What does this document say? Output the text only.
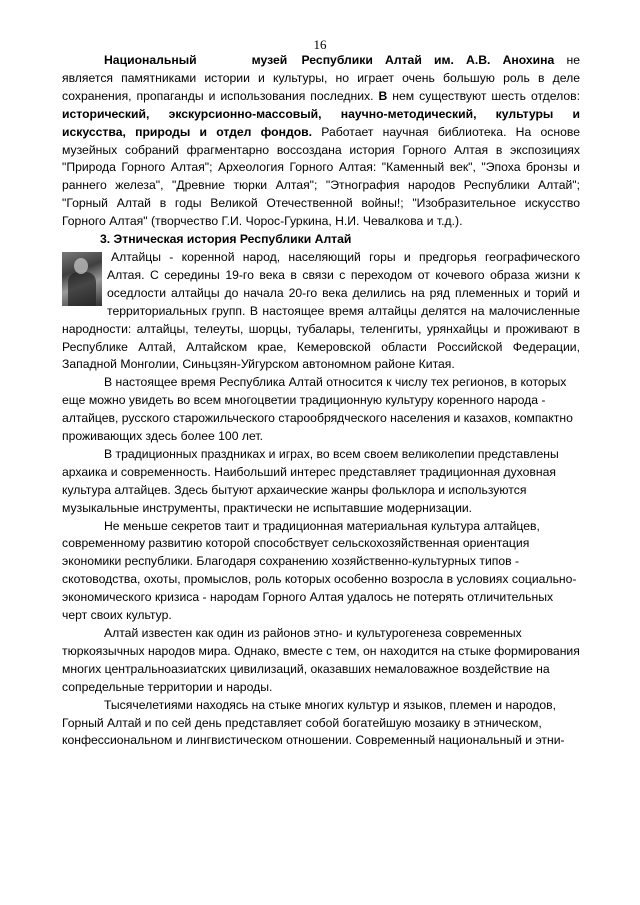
16

Национальный	музей Республики Алтай им. А.В. Анохина не является памятниками истории и культуры, но играет очень большую роль в деле сохранения, пропаганды и использования последних. В нем существуют шесть отделов: исторический, экскурсионно-массовый, научно-методический, культуры и искусства, природы и отдел фондов. Работает научная библиотека. На основе музейных собраний фрагментарно воссоздана история Горного Алтая в экспозициях "Природа Горного Алтая"; Археология Горного Алтая: "Каменный век", "Эпоха бронзы и раннего железа", "Древние тюрки Алтая"; "Этнография народов Республики Алтай"; "Горный Алтай в годы Великой Отечественной войны!; "Изобразительное искусство Горного Алтая" (творчество Г.И. Чорос-Гуркина, Н.И. Чевалкова и т.д.).

3. Этническая история Республики Алтай

Алтайцы - коренной народ, населяющий горы и предгорья географического Алтая. С середины 19-го века в связи с переходом от кочевого образа жизни к оседлости алтайцы до начала 20-го века делились на ряд племенных и торий и территориальных групп. В настоящее время алтайцы делятся на малочисленные народности: алтайцы, телеуты, шорцы, тубалары, теленгиты, урянхайцы и проживают в Республике Алтай, Алтайском крае, Кемеровской области Российской Федерации, Западной Монголии, Синьцзян-Уйгурском автономном районе Китая.

В настоящее время Республика Алтай относится к числу тех регионов, в которых еще можно увидеть во всем многоцветии традиционную культуру коренного народа - алтайцев, русского старожильческого старообрядческого населения и казахов, компактно проживающих здесь более 100 лет.

В традиционных праздниках и играх, во всем своем великолепии представлены архаика и современность. Наибольший интерес представляет традиционная духовная культура алтайцев. Здесь бытуют архаические жанры фольклора и используются музыкальные инструменты, практически не испытавшие модернизации.

Не меньше секретов таит и традиционная материальная культура алтайцев, современному развитию которой способствует сельскохозяйственная ориентация экономики республики. Благодаря сохранению хозяйственно-культурных типов - скотоводства, охоты, промыслов, роль которых особенно возросла в условиях социально-экономического кризиса - народам Горного Алтая удалось не потерять отличительных черт своих культур.

Алтай известен как один из районов этно- и культурогенеза современных тюркоязычных народов мира. Однако, вместе с тем, он находится на стыке формирования многих центральноазиатских цивилизаций, оказавших немаловажное воздействие на сопредельные территории и народы.

Тысячелетиями находясь на стыке многих культур и языков, племен и народов, Горный Алтай и по сей день представляет собой богатейшую мозаику в этническом, конфессиональном и лингвистическом отношении. Современный национальный и этни-
